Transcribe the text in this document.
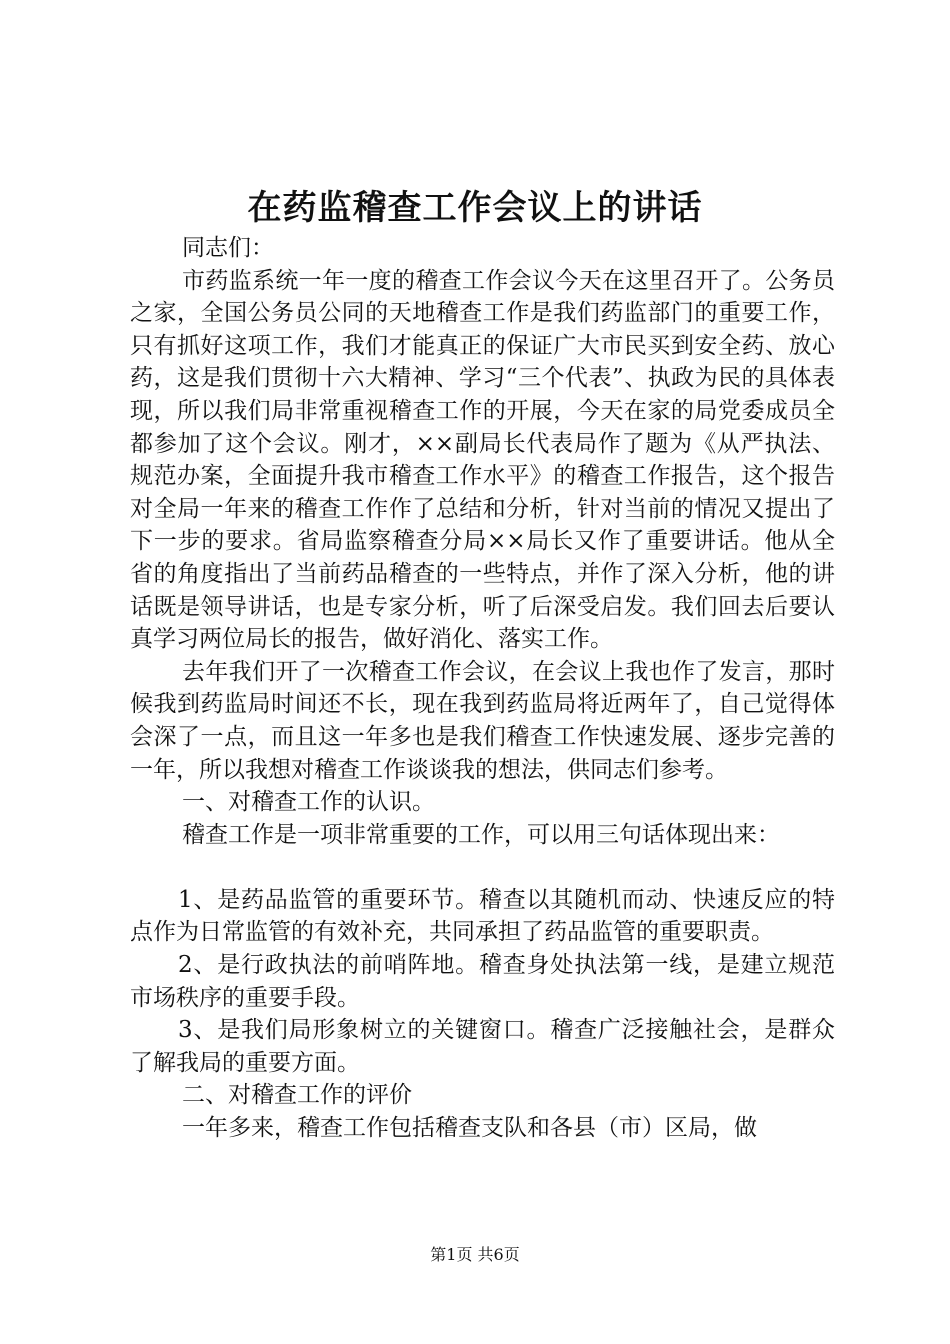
在药监稽查工作会议上的讲话

同志们：

市药监系统一年一度的稽查工作会议今天在这里召开了。公务员之家，全国公务员公同的天地稽查工作是我们药监部门的重要工作，只有抓好这项工作，我们才能真正的保证广大市民买到安全药、放心药，这是我们贯彻十六大精神、学习“三个代表”、执政为民的具体表现，所以我们局非常重视稽查工作的开展，今天在家的局党委成员全都参加了这个会议。刚才，××副局长代表局作了题为《从严执法、规范办案，全面提升我市稽查工作水平》的稽查工作报告，这个报告对全局一年来的稽查工作作了总结和分析，针对当前的情况又提出了下一步的要求。省局监察稽查分局××局长又作了重要讲话。他从全省的角度指出了当前药品稽查的一些特点，并作了深入分析，他的讲话既是领导讲话，也是专家分析，听了后深受启发。我们回去后要认真学习两位局长的报告，做好消化、落实工作。

去年我们开了一次稽查工作会议，在会议上我也作了发言，那时候我到药监局时间还不长，现在我到药监局将近两年了，自己觉得体会深了一点，而且这一年多也是我们稽查工作快速发展、逐步完善的一年，所以我想对稽查工作谈谈我的想法，供同志们参考。

一、对稽查工作的认识。

稽查工作是一项非常重要的工作，可以用三句话体现出来：

1、是药品监管的重要环节。稽查以其随机而动、快速反应的特点作为日常监管的有效补充，共同承担了药品监管的重要职责。

2、是行政执法的前哨阵地。稽查身处执法第一线，是建立规范市场秩序的重要手段。

3、是我们局形象树立的关键窗口。稽查广泛接触社会，是群众了解我局的重要方面。

二、对稽查工作的评价

一年多来，稽查工作包括稽查支队和各县（市）区局，做

第1页 共6页
